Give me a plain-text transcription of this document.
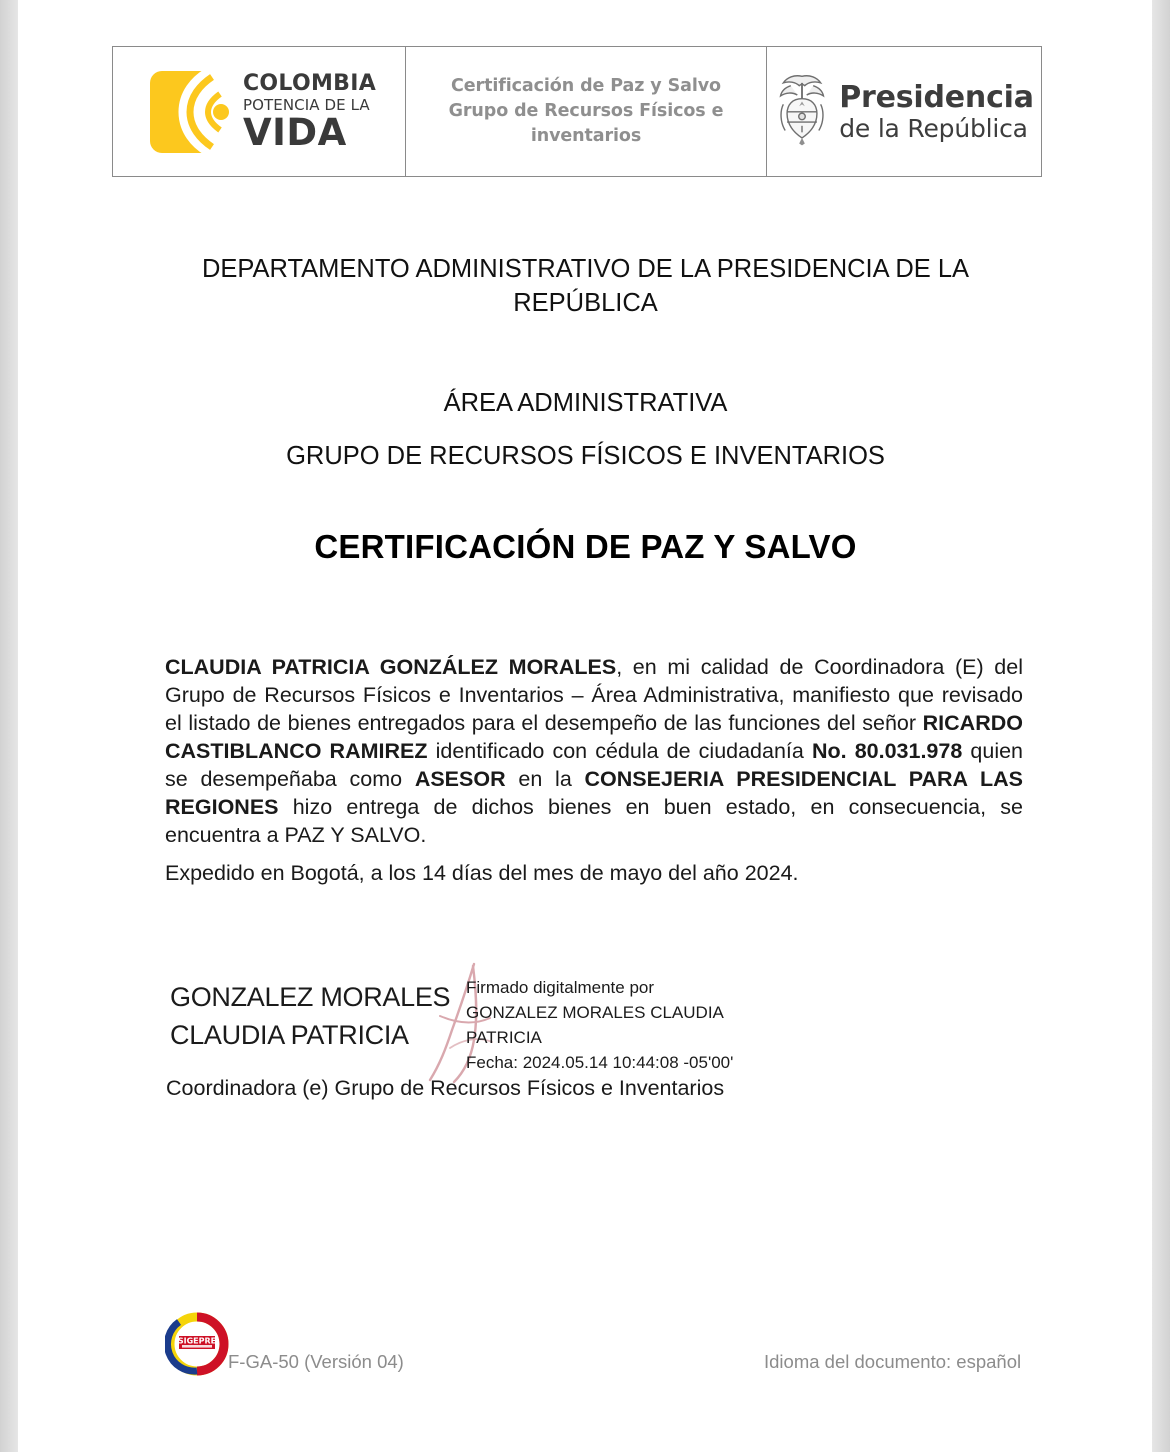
COLOMBIA
POTENCIA DE LA
VIDA
Certificación de Paz y Salvo Grupo de Recursos Físicos e inventarios
Presidencia
de la República
DEPARTAMENTO ADMINISTRATIVO DE LA PRESIDENCIA DE LA REPÚBLICA
ÁREA ADMINISTRATIVA
GRUPO DE RECURSOS FÍSICOS E INVENTARIOS
CERTIFICACIÓN DE PAZ Y SALVO
CLAUDIA PATRICIA GONZÁLEZ MORALES, en mi calidad de Coordinadora (E) del Grupo de Recursos Físicos e Inventarios – Área Administrativa, manifiesto que revisado el listado de bienes entregados para el desempeño de las funciones del señor RICARDO CASTIBLANCO RAMIREZ identificado con cédula de ciudadanía No. 80.031.978 quien se desempeñaba como ASESOR en la CONSEJERIA PRESIDENCIAL PARA LAS REGIONES hizo entrega de dichos bienes en buen estado, en consecuencia, se encuentra a PAZ Y SALVO.
Expedido en Bogotá, a los 14 días del mes de mayo del año 2024.
GONZALEZ MORALES
CLAUDIA PATRICIA
Firmado digitalmente por
GONZALEZ MORALES CLAUDIA
PATRICIA
Fecha: 2024.05.14 10:44:08 -05'00'
Coordinadora (e) Grupo de Recursos Físicos e Inventarios
SIGEPRE
F-GA-50 (Versión 04)	Idioma del documento: español
